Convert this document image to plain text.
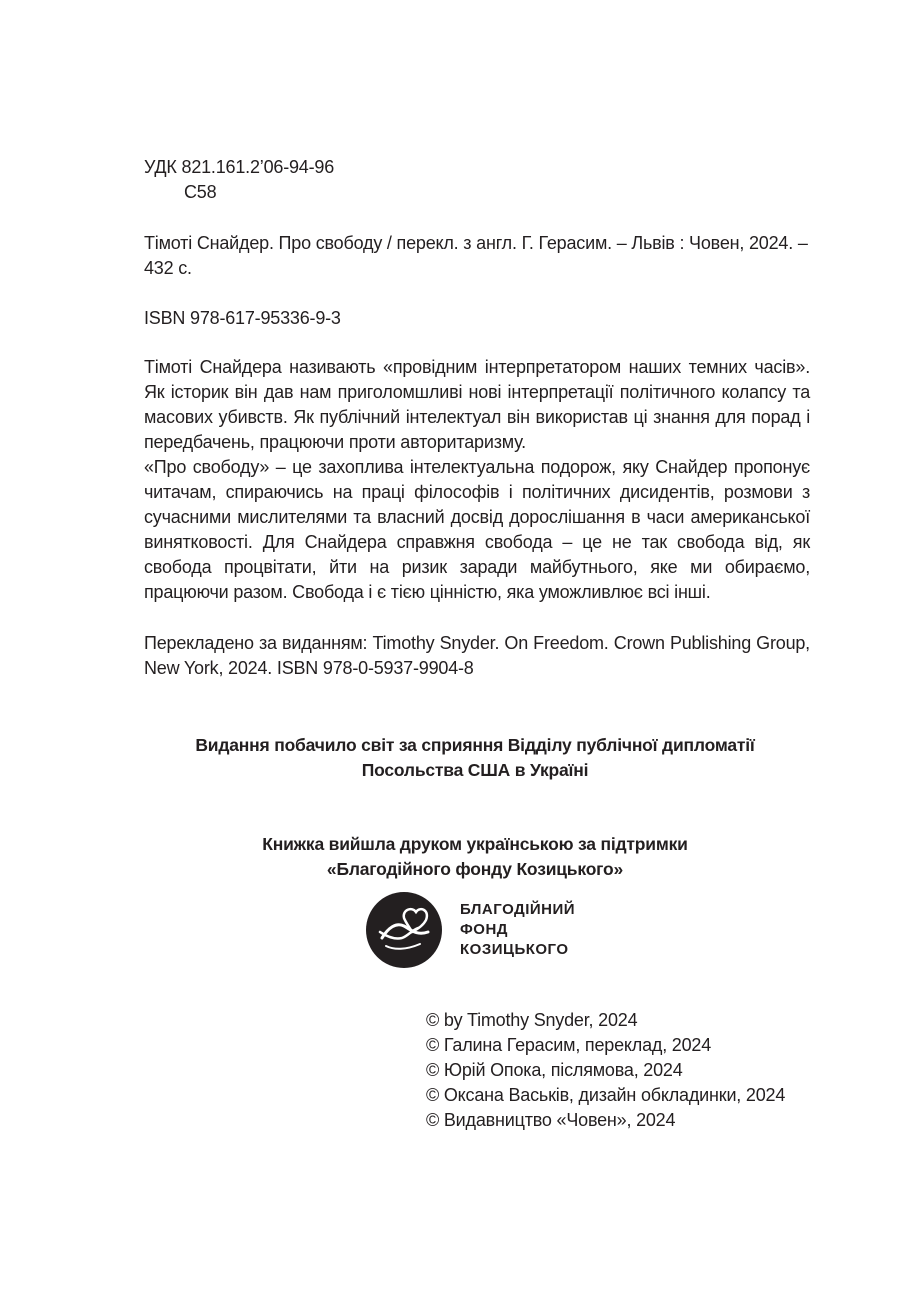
УДК 821.161.2’06-94-96
С58
Тімоті Снайдер. Про свободу / перекл. з англ. Г. Герасим. – Львів : Човен, 2024. – 432 с.
ISBN 978-617-95336-9-3

Тімоті Снайдера називають «провідним інтерпретатором наших темних часів». Як історик він дав нам приголомшливі нові інтерпретації політичного колапсу та масових убивств. Як публічний інтелектуал він використав ці знання для порад і передбачень, працюючи проти авторитаризму.

«Про свободу» – це захоплива інтелектуальна подорож, яку Снайдер пропонує читачам, спираючись на праці філософів і політичних дисидентів, розмови з сучасними мислителями та власний досвід дорослішання в часи американської винятковості. Для Снайдера справжня свобода – це не так свобода від, як свобода процвітати, йти на ризик заради майбутнього, яке ми обираємо, працюючи разом. Свобода і є тією цінністю, яка уможливлює всі інші.

Перекладено за виданням: Timothy Snyder. On Freedom. Crown Publishing Group, New York, 2024. ISBN 978-0-5937-9904-8
Видання побачило світ за сприяння Відділу публічної дипломатії
Посольства США в Україні
Книжка вийшла друком українською за підтримки
«Благодійного фонду Козицького»
БЛАГОДІЙНИЙ
ФОНД
КОЗИЦЬКОГО
© by Timothy Snyder, 2024
© Галина Герасим, переклад, 2024
© Юрій Опока, післямова, 2024
© Оксана Васьків, дизайн обкладинки, 2024
© Видавництво «Човен», 2024
